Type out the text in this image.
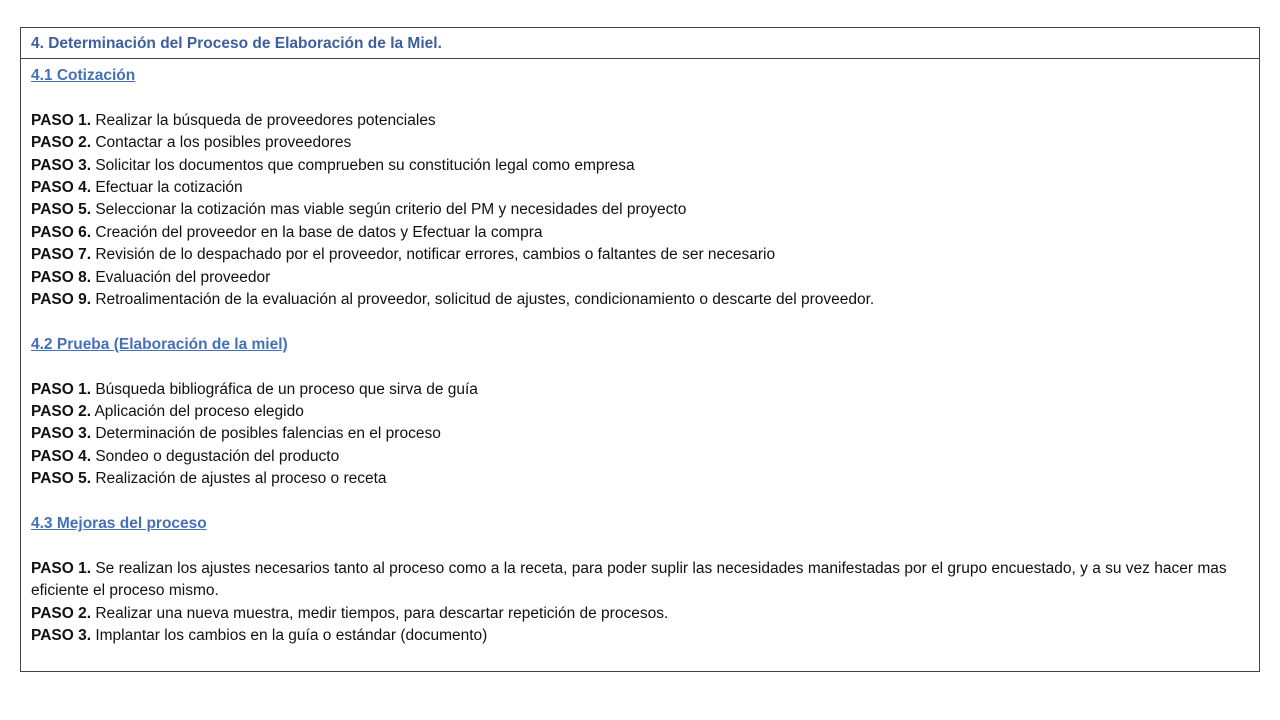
4. Determinación del Proceso de Elaboración de la Miel.
4.1 Cotización
PASO 1. Realizar la búsqueda de proveedores potenciales
PASO 2. Contactar a los posibles proveedores
PASO 3. Solicitar los documentos que comprueben su constitución legal como empresa
PASO 4. Efectuar la cotización
PASO 5. Seleccionar la cotización mas viable según criterio del PM y necesidades del proyecto
PASO 6. Creación del proveedor en la base de datos y Efectuar la compra
PASO 7. Revisión de lo despachado por el proveedor, notificar errores, cambios o faltantes de ser necesario
PASO 8. Evaluación del proveedor
PASO 9. Retroalimentación de la evaluación al proveedor, solicitud de ajustes, condicionamiento o descarte del proveedor.
4.2 Prueba (Elaboración de la miel)
PASO 1. Búsqueda bibliográfica de un proceso que sirva de guía
PASO 2. Aplicación del proceso elegido
PASO 3. Determinación de posibles falencias en el proceso
PASO 4. Sondeo o degustación del producto
PASO 5. Realización de ajustes al proceso o receta
4.3 Mejoras del proceso
PASO 1. Se realizan los ajustes necesarios tanto al proceso como a la receta, para poder suplir las necesidades manifestadas por el grupo encuestado, y a su vez hacer mas eficiente el proceso mismo.
PASO 2. Realizar una nueva muestra, medir tiempos, para descartar repetición de procesos.
PASO 3. Implantar los cambios en la guía o estándar (documento)
